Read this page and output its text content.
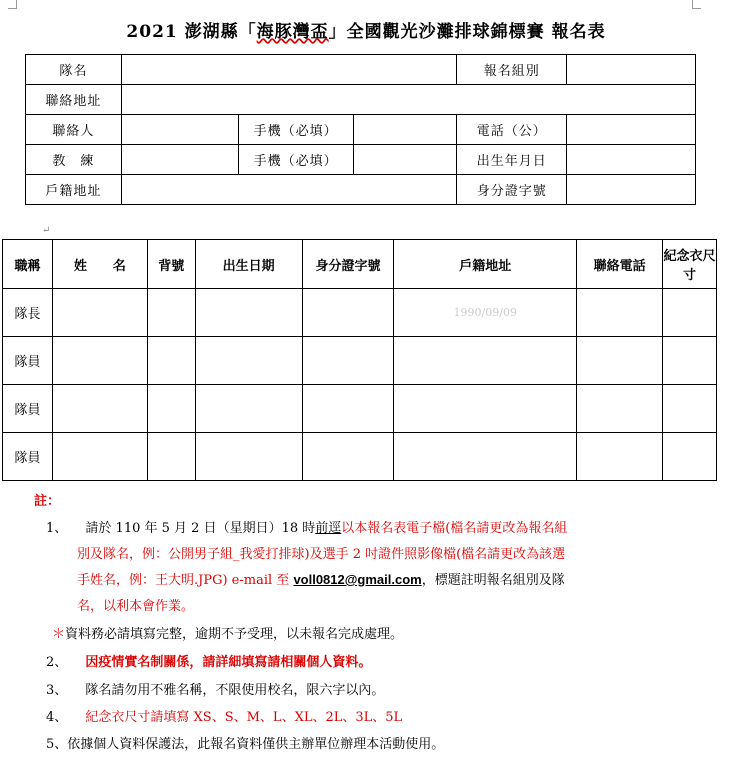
2021 澎湖縣「海豚灣盃」全國觀光沙灘排球錦標賽 報名表
隊名				報名組別	
聯絡地址					
聯絡人		手機（必填）		電話（公）	
教　練		手機（必填）		出生年月日	
戶籍地址				身分證字號	
↵
職稱	姓　　名	背號	出生日期	身分證字號	戶籍地址	聯絡電話	紀念衣尺寸
隊長					1990/09/09		
隊員							
隊員							
隊員							
註：
1、 請於 110 年 5 月 2 日（星期日）18 時前逕以本報名表電子檔(檔名請更改為報名組
別及隊名，例：公開男子組_我愛打排球)及選手 2 吋證件照影像檔(檔名請更改為該選
手姓名，例：王大明.JPG) e-mail 至 voll0812@gmail.com，標題註明報名組別及隊
名，以利本會作業。
＊資料務必請填寫完整，逾期不予受理，以未報名完成處理。
2、 因疫情實名制關係，請詳細填寫請相關個人資料。
3、 隊名請勿用不雅名稱，不限使用校名，限六字以內。
4、 紀念衣尺寸請填寫 XS、S、M、L、XL、2L、3L、5L
5、依據個人資料保護法，此報名資料僅供主辦單位辦理本活動使用。
